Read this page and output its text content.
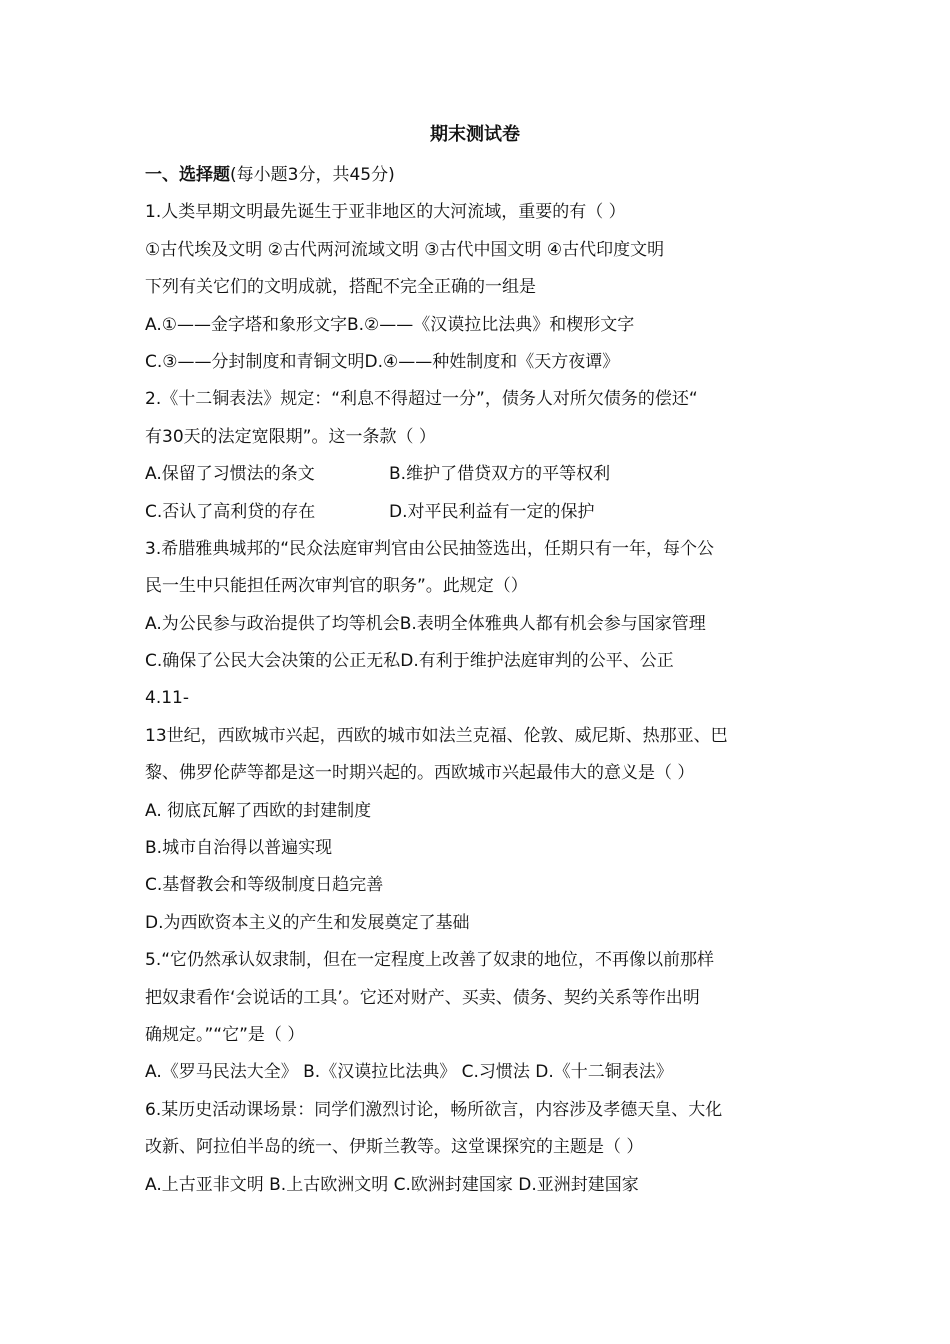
期末测试卷
一、选择题(每小题3分，共45分)
1.人类早期文明最先诞生于亚非地区的大河流域，重要的有（ ）
①古代埃及文明 ②古代两河流域文明 ③古代中国文明 ④古代印度文明
下列有关它们的文明成就，搭配不完全正确的一组是
A.①——金字塔和象形文字B.②——《汉谟拉比法典》和楔形文字
C.③——分封制度和青铜文明D.④——种姓制度和《天方夜谭》
2.《十二铜表法》规定：“利息不得超过一分”，债务人对所欠债务的偿还“
有30天的法定宽限期”。这一条款（ ）
A.保留了习惯法的条文	B.维护了借贷双方的平等权利
C.否认了高利贷的存在	D.对平民利益有一定的保护
3.希腊雅典城邦的“民众法庭审判官由公民抽签选出，任期只有一年，每个公
民一生中只能担任两次审判官的职务”。此规定（）
A.为公民参与政治提供了均等机会B.表明全体雅典人都有机会参与国家管理
C.确保了公民大会决策的公正无私D.有利于维护法庭审判的公平、公正
4.11-
13世纪，西欧城市兴起，西欧的城市如法兰克福、伦敦、威尼斯、热那亚、巴
黎、佛罗伦萨等都是这一时期兴起的。西欧城市兴起最伟大的意义是（ ）
A. 彻底瓦解了西欧的封建制度
B.城市自治得以普遍实现
C.基督教会和等级制度日趋完善
D.为西欧资本主义的产生和发展奠定了基础
5.“它仍然承认奴隶制，但在一定程度上改善了奴隶的地位，不再像以前那样
把奴隶看作‘会说话的工具’。它还对财产、买卖、债务、契约关系等作出明
确规定。”“它”是（ ）
A.《罗马民法大全》 B.《汉谟拉比法典》 C.习惯法 D.《十二铜表法》
6.某历史活动课场景：同学们激烈讨论，畅所欲言，内容涉及孝德天皇、大化
改新、阿拉伯半岛的统一、伊斯兰教等。这堂课探究的主题是（ ）
A.上古亚非文明 B.上古欧洲文明 C.欧洲封建国家 D.亚洲封建国家
